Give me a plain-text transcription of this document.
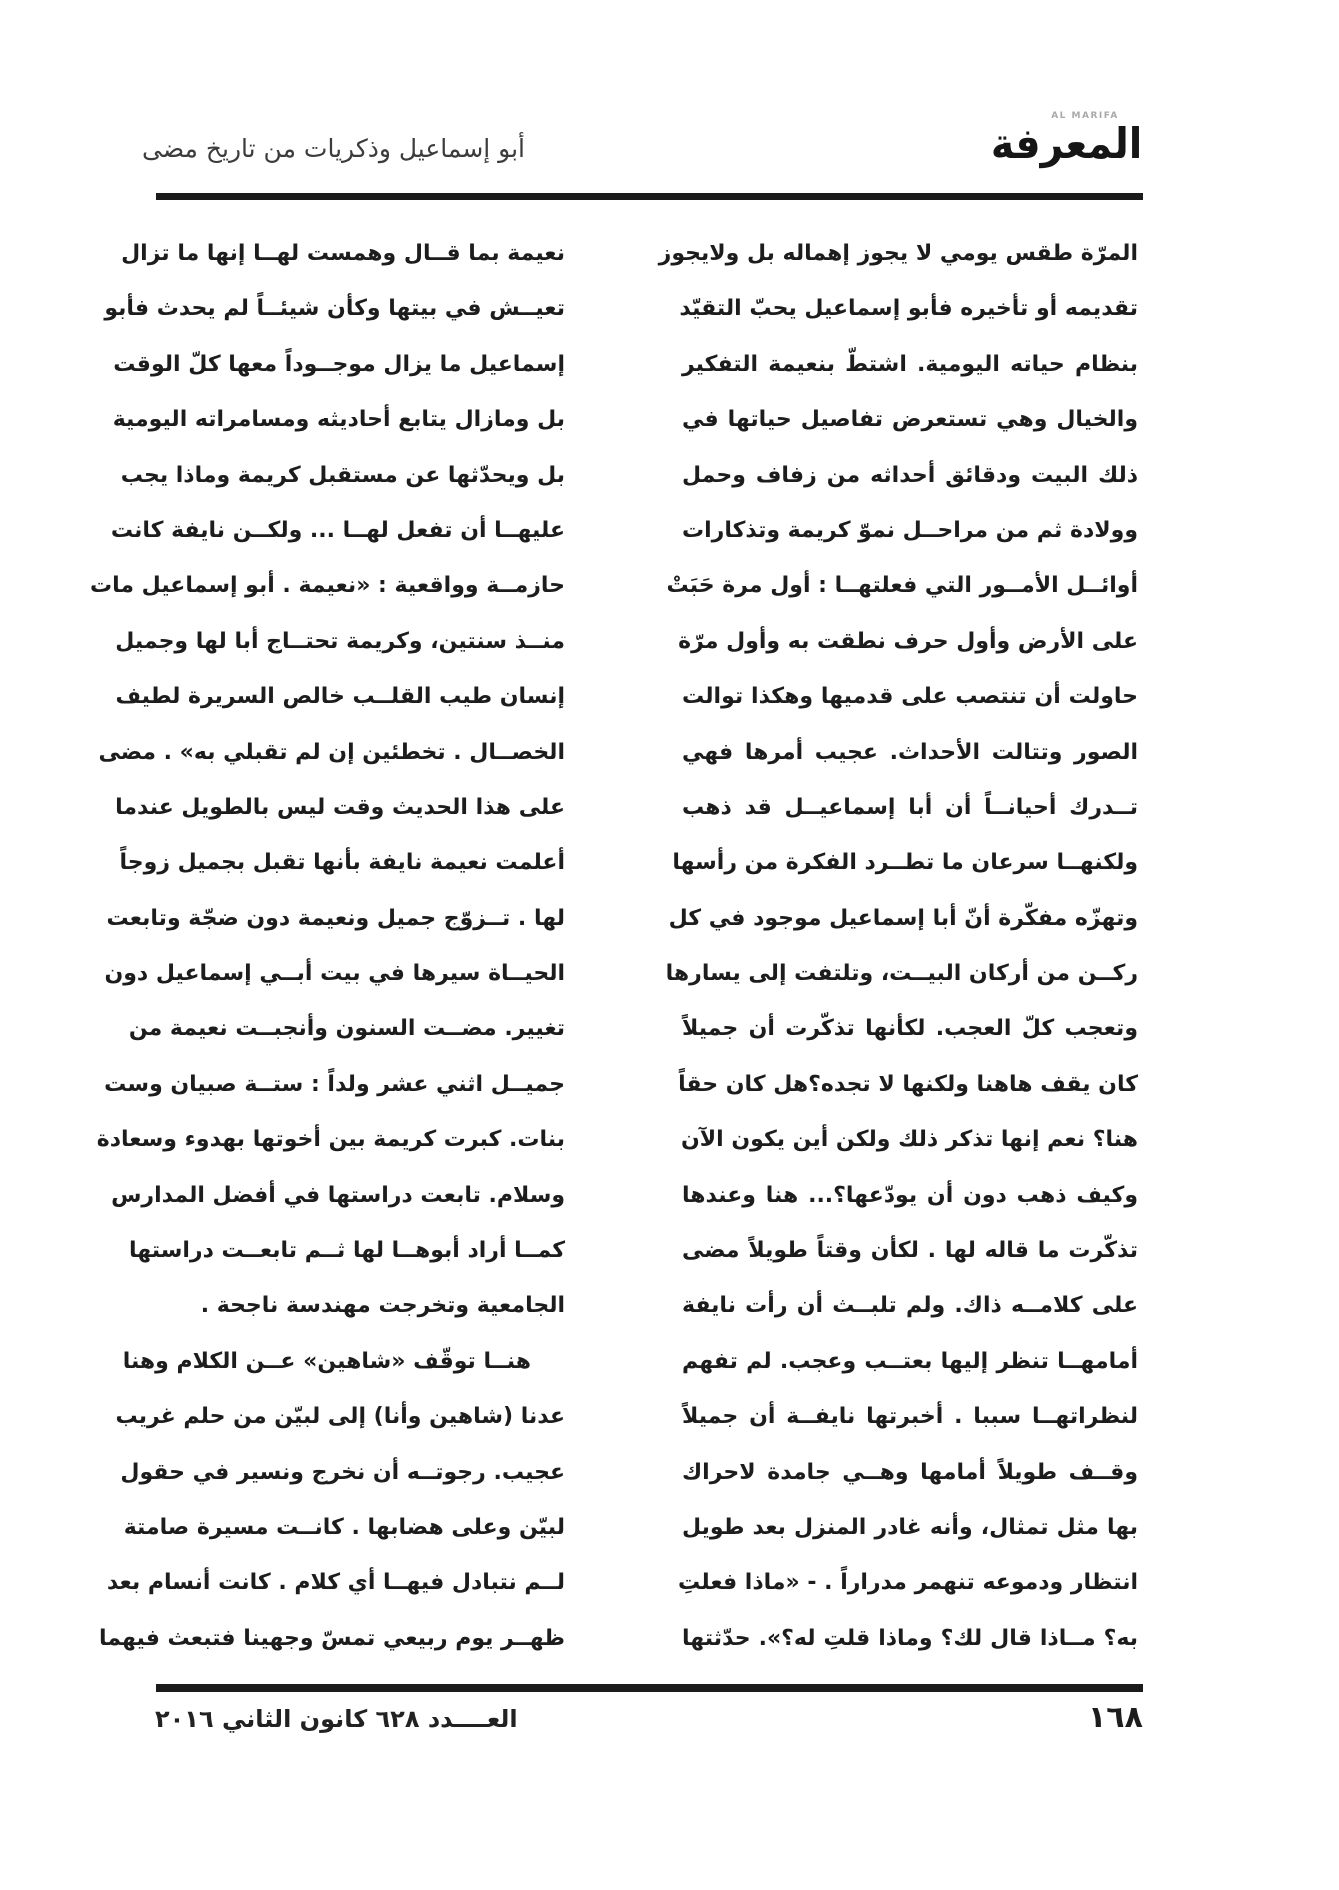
أبو إسماعيل وذكريات من تاريخ مضى
AL MARIFA
المعرفة
المرّة طقس يومي لا يجوز إهماله بل ولايجوز
تقديمه أو تأخيره فأبو إسماعيل يحبّ التقيّد
بنظام حياته اليومية. اشتطّ بنعيمة التفكير
والخيال وهي تستعرض تفاصيل حياتها في
ذلك البيت ودقائق أحداثه من زفاف وحمل
وولادة ثم من مراحــل نموّ كريمة وتذكارات
أوائــل الأمــور التي فعلتهــا : أول مرة حَبَتْ
على الأرض وأول حرف نطقت به وأول مرّة
حاولت أن تنتصب على قدميها وهكذا توالت
الصور وتتالت الأحداث. عجيب أمرها فهي
تــدرك أحيانــاً أن أبا إسماعيــل قد ذهب
ولكنهــا سرعان ما تطــرد الفكرة من رأسها
وتهزّه مفكّرة أنّ أبا إسماعيل موجود في كل
ركــن من أركان البيــت، وتلتفت إلى يسارها
وتعجب كلّ العجب. لكأنها تذكّرت أن جميلاً
كان يقف هاهنا ولكنها لا تجده؟هل كان حقاً
هنا؟ نعم إنها تذكر ذلك ولكن أين يكون الآن
وكيف ذهب دون أن يودّعها؟... هنا وعندها
تذكّرت ما قاله لها . لكأن وقتاً طويلاً مضى
على كلامــه ذاك. ولم تلبــث أن رأت نايفة
أمامهــا تنظر إليها بعتــب وعجب. لم تفهم
لنظراتهــا سببا . أخبرتها نايفــة أن جميلاً
وقــف طويلاً أمامها وهــي جامدة لاحراك
بها مثل تمثال، وأنه غادر المنزل بعد طويل
انتظار ودموعه تنهمر مدراراً . - «ماذا فعلتِ
به؟ مــاذا قال لك؟ وماذا قلتِ له؟». حدّثتها
نعيمة بما قــال وهمست لهــا إنها ما تزال
تعيــش في بيتها وكأن شيئــاً لم يحدث فأبو
إسماعيل ما يزال موجــوداً معها كلّ الوقت
بل ومازال يتابع أحاديثه ومسامراته اليومية
بل ويحدّثها عن مستقبل كريمة وماذا يجب
عليهــا أن تفعل لهــا ... ولكــن نايفة كانت
حازمــة وواقعية : «نعيمة . أبو إسماعيل مات
منــذ سنتين، وكريمة تحتــاج أبا لها وجميل
إنسان طيب القلــب خالص السريرة لطيف
الخصــال . تخطئين إن لم تقبلي به» . مضى
على هذا الحديث وقت ليس بالطويل عندما
أعلمت نعيمة نايفة بأنها تقبل بجميل زوجاً
لها . تــزوّج جميل ونعيمة دون ضجّة وتابعت
الحيــاة سيرها في بيت أبــي إسماعيل دون
تغيير. مضــت السنون وأنجبــت نعيمة من
جميــل اثني عشر ولداً : ستــة صبيان وست
بنات. كبرت كريمة بين أخوتها بهدوء وسعادة
وسلام. تابعت دراستها في أفضل المدارس
كمــا أراد أبوهــا لها ثــم تابعــت دراستها
الجامعية وتخرجت مهندسة ناجحة .
هنــا توقّف «شاهين» عــن الكلام وهنا
عدنا (شاهين وأنا) إلى لبيّن من حلم غريب
عجيب. رجوتــه أن نخرج ونسير في حقول
لبيّن وعلى هضابها . كانــت مسيرة صامتة
لــم نتبادل فيهــا أي كلام . كانت أنسام بعد
ظهــر يوم ربيعي تمسّ وجهينا فتبعث فيهما
العــــدد ٦٢٨ كانون الثاني ٢٠١٦	١٦٨
